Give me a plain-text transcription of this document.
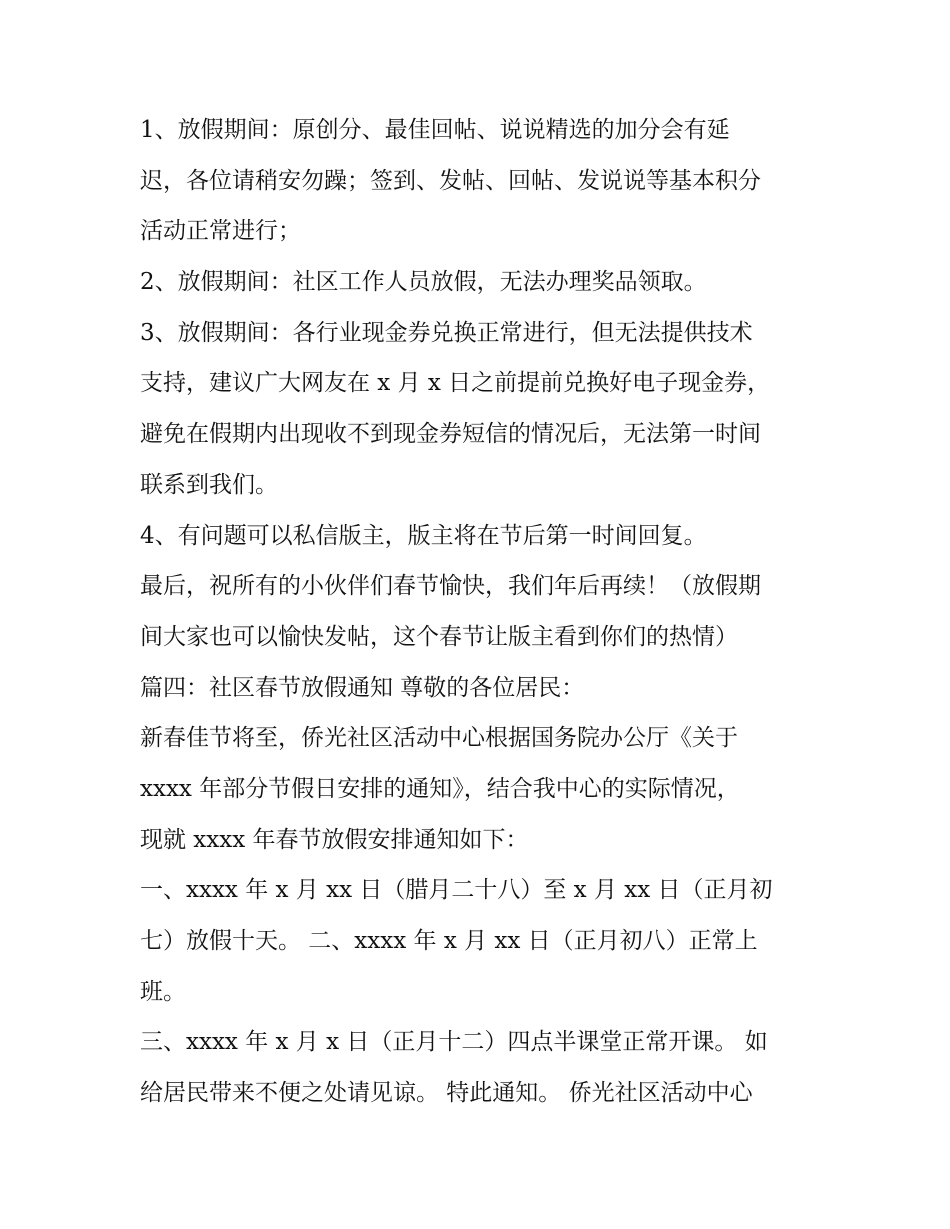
1、放假期间：原创分、最佳回帖、说说精选的加分会有延
迟，各位请稍安勿躁；签到、发帖、回帖、发说说等基本积分
活动正常进行；
2、放假期间：社区工作人员放假，无法办理奖品领取。
3、放假期间：各行业现金券兑换正常进行，但无法提供技术
支持，建议广大网友在 x 月 x 日之前提前兑换好电子现金券，
避免在假期内出现收不到现金券短信的情况后，无法第一时间
联系到我们。
4、有问题可以私信版主，版主将在节后第一时间回复。
最后，祝所有的小伙伴们春节愉快，我们年后再续！（放假期
间大家也可以愉快发帖，这个春节让版主看到你们的热情）
篇四：社区春节放假通知 尊敬的各位居民：
新春佳节将至，侨光社区活动中心根据国务院办公厅《关于
xxxx 年部分节假日安排的通知》，结合我中心的实际情况，
现就 xxxx 年春节放假安排通知如下：
一、xxxx 年 x 月 xx 日（腊月二十八）至 x 月 xx 日（正月初
七）放假十天。 二、xxxx 年 x 月 xx 日（正月初八）正常上
班。
三、xxxx 年 x 月 x 日（正月十二）四点半课堂正常开课。 如
给居民带来不便之处请见谅。 特此通知。 侨光社区活动中心
